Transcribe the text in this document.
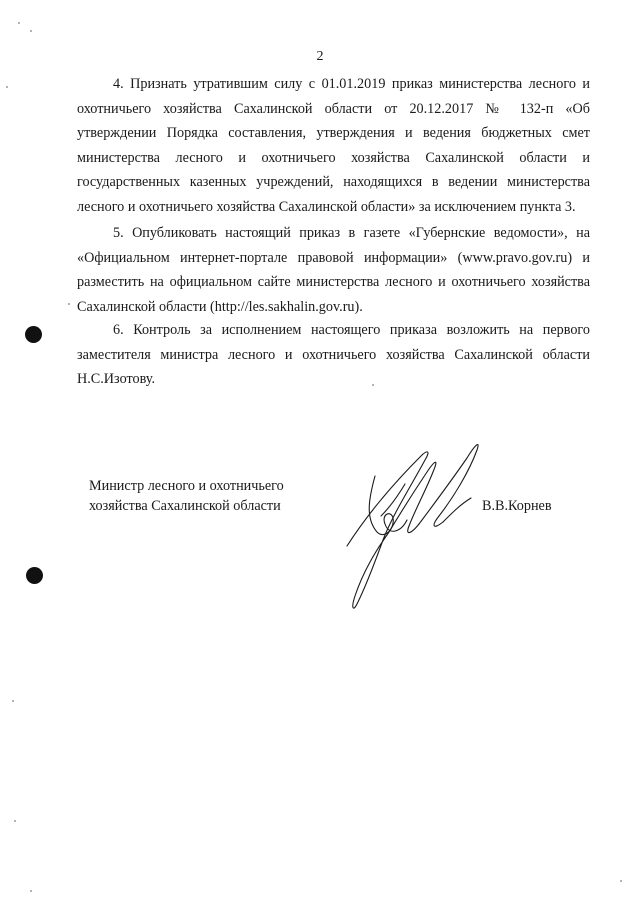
2

4. Признать утратившим силу с 01.01.2019 приказ министерства лесного и охотничьего хозяйства Сахалинской области от 20.12.2017 № 132-п «Об утверждении Порядка составления, утверждения и ведения бюджетных смет министерства лесного и охотничьего хозяйства Сахалинской области и государственных казенных учреждений, находящихся в ведении министерства лесного и охотничьего хозяйства Сахалинской области» за исключением пункта 3.

5. Опубликовать настоящий приказ в газете «Губернские ведомости», на «Официальном интернет-портале правовой информации» (www.pravo.gov.ru) и разместить на официальном сайте министерства лесного и охотничьего хозяйства Сахалинской области (http://les.sakhalin.gov.ru).

6. Контроль за исполнением настоящего приказа возложить на первого заместителя министра лесного и охотничьего хозяйства Сахалинской области Н.С.Изотову.

Министр лесного и охотничьего
хозяйства Сахалинской области	В.В.Корнев
